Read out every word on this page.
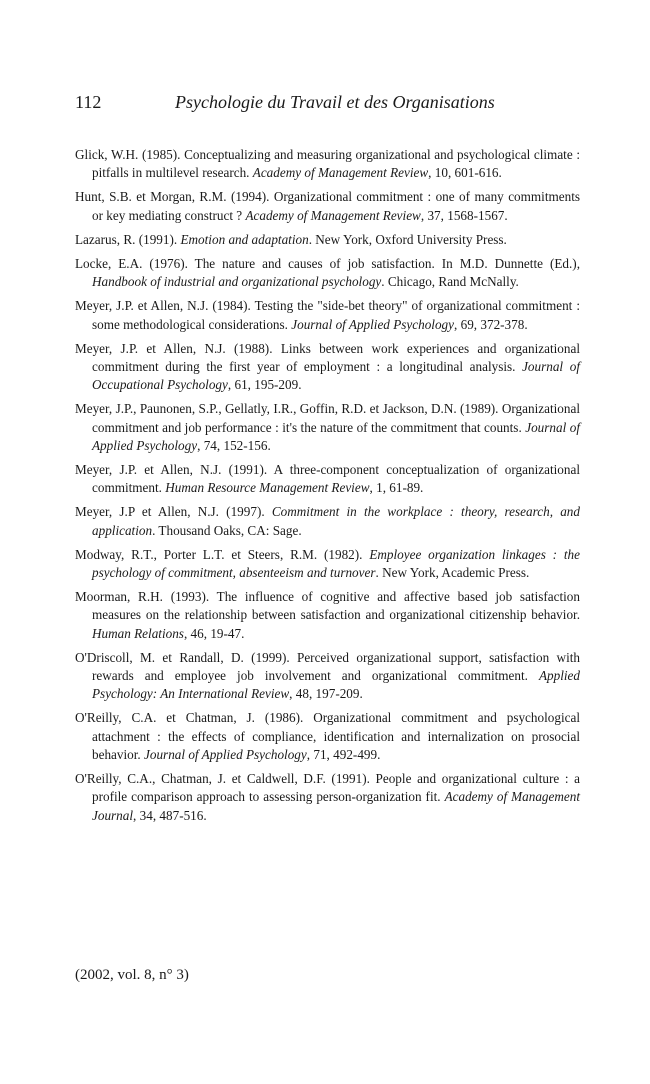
112	Psychologie du Travail et des Organisations

Glick, W.H. (1985). Conceptualizing and measuring organizational and psychological climate : pitfalls in multilevel research. Academy of Management Review, 10, 601-616.

Hunt, S.B. et Morgan, R.M. (1994). Organizational commitment : one of many commitments or key mediating construct ? Academy of Management Review, 37, 1568-1567.

Lazarus, R. (1991). Emotion and adaptation. New York, Oxford University Press.

Locke, E.A. (1976). The nature and causes of job satisfaction. In M.D. Dunnette (Ed.), Handbook of industrial and organizational psychology. Chicago, Rand McNally.

Meyer, J.P. et Allen, N.J. (1984). Testing the "side-bet theory" of organizational commitment : some methodological considerations. Journal of Applied Psychology, 69, 372-378.

Meyer, J.P. et Allen, N.J. (1988). Links between work experiences and organizational commitment during the first year of employment : a longitudinal analysis. Journal of Occupational Psychology, 61, 195-209.

Meyer, J.P., Paunonen, S.P., Gellatly, I.R., Goffin, R.D. et Jackson, D.N. (1989). Organizational commitment and job performance : it's the nature of the commitment that counts. Journal of Applied Psychology, 74, 152-156.

Meyer, J.P. et Allen, N.J. (1991). A three-component conceptualization of organizational commitment. Human Resource Management Review, 1, 61-89.

Meyer, J.P et Allen, N.J. (1997). Commitment in the workplace : theory, research, and application. Thousand Oaks, CA: Sage.

Modway, R.T., Porter L.T. et Steers, R.M. (1982). Employee organization linkages : the psychology of commitment, absenteeism and turnover. New York, Academic Press.

Moorman, R.H. (1993). The influence of cognitive and affective based job satisfaction measures on the relationship between satisfaction and organizational citizenship behavior. Human Relations, 46, 19-47.

O'Driscoll, M. et Randall, D. (1999). Perceived organizational support, satisfaction with rewards and employee job involvement and organizational commitment. Applied Psychology: An International Review, 48, 197-209.

O'Reilly, C.A. et Chatman, J. (1986). Organizational commitment and psychological attachment : the effects of compliance, identification and internalization on prosocial behavior. Journal of Applied Psychology, 71, 492-499.

O'Reilly, C.A., Chatman, J. et Caldwell, D.F. (1991). People and organizational culture : a profile comparison approach to assessing person-organization fit. Academy of Management Journal, 34, 487-516.

(2002, vol. 8, n° 3)
